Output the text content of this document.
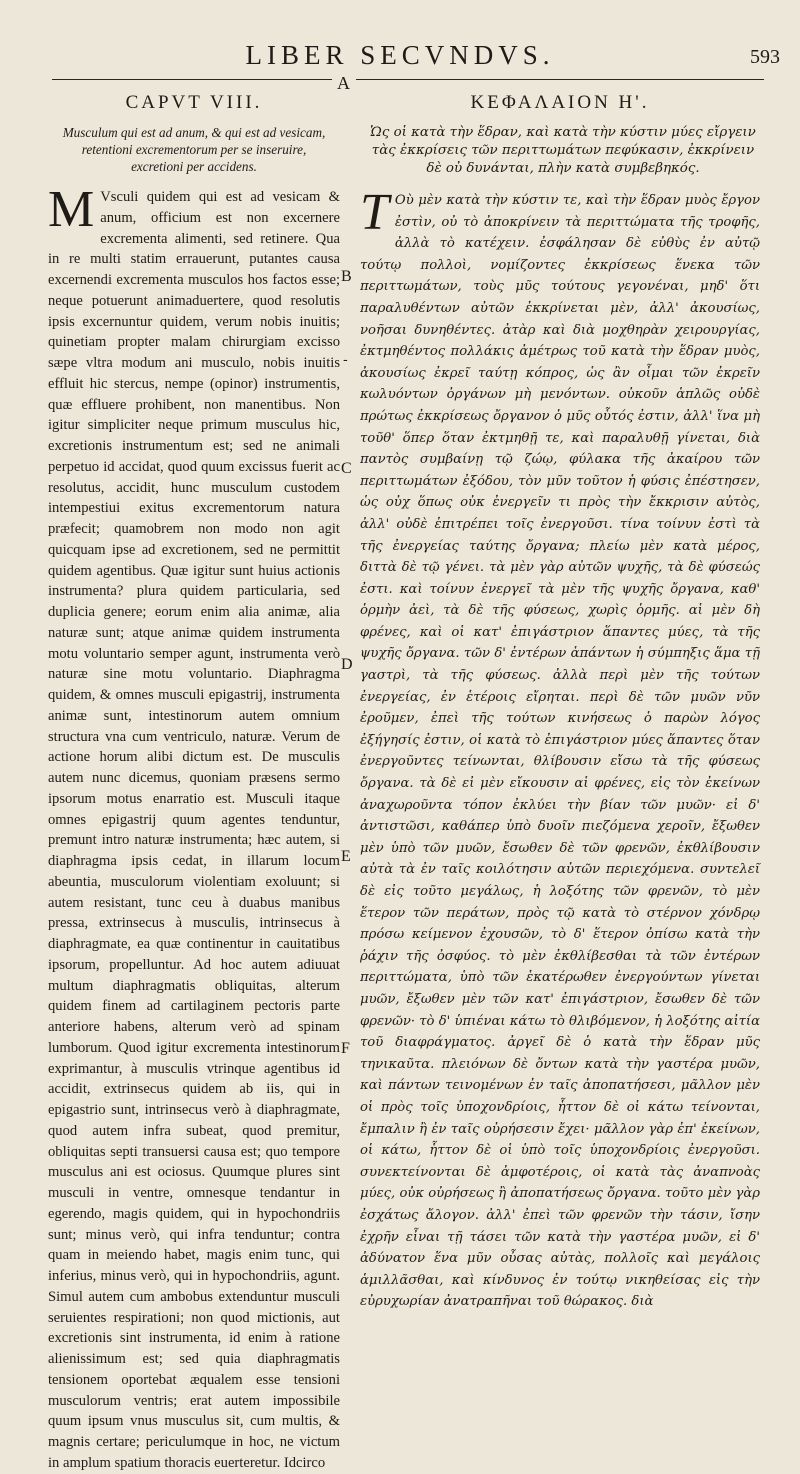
LIBER SECVNDVS.	593
A
CAPVT VIII.
Musculum qui est ad anum, & qui est ad vesicam, retentioni excrementorum per se inseruire, excretioni per accidens.

M Vsculi quidem qui est ad vesicam & anum, officium est non excernere excrementa alimenti, sed retinere. Qua in re multi statim errauerunt, putantes causa excernendi excrementa musculos hos factos esse; neque potuerunt animaduertere, quod resolutis ipsis excernuntur quidem, verum nobis inuitis; quinetiam propter malam chirurgiam excisso sæpe vltra modum ani musculo, nobis inuitis effluit hic stercus, nempe (opinor) instrumentis, quæ effluere prohibent, non manentibus. Non igitur simpliciter neque primum musculus hic, excretionis instrumentum est; sed ne animali perpetuo id accidat, quod quum excissus fuerit ac resolutus, accidit, hunc musculum custodem intempestiui exitus excrementorum natura præfecit; quamobrem non modo non agit quicquam ipse ad excretionem, sed ne permittit quidem agentibus. Quæ igitur sunt huius actionis instrumenta? plura quidem particularia, sed duplicia genere; eorum enim alia animæ, alia naturæ sunt; atque animæ quidem instrumenta motu voluntario semper agunt, instrumenta verò naturæ sine motu voluntario. Diaphragma quidem, & omnes musculi epigastrij, instrumenta animæ sunt, intestinorum autem omnium structura vna cum ventriculo, naturæ. Verum de actione horum alibi dictum est. De musculis autem nunc dicemus, quoniam præsens sermo ipsorum motus enarratio est. Musculi itaque omnes epigastrij quum agentes tenduntur, premunt intro naturæ instrumenta; hæc autem, si diaphragma ipsis cedat, in illarum locum abeuntia, musculorum violentiam exoluunt; si autem resistant, tunc ceu à duabus manibus pressa, extrinsecus à musculis, intrinsecus à diaphragmate, ea quæ continentur in cauitatibus ipsorum, propelluntur. Ad hoc autem adiuuat multum diaphragmatis obliquitas, alterum quidem finem ad cartilaginem pectoris parte anteriore habens, alterum verò ad spinam lumborum. Quod igitur excrementa intestinorum exprimantur, à musculis vtrinque agentibus id accidit, extrinsecus quidem ab iis, qui in epigastrio sunt, intrinsecus verò à diaphragmate, quod autem infra subeat, quod premitur, obliquitas septi transuersi causa est; quo tempore musculus ani est ociosus. Quumque plures sint musculi in ventre, omnesque tendantur in egerendo, magis quidem, qui in hypochondriis sunt; minus verò, qui infra tenduntur; contra quam in meiendo habet, magis enim tunc, qui inferius, minus verò, qui in hypochondriis, agunt. Simul autem cum ambobus extenduntur musculi seruientes respirationi; non quod mictionis, aut excretionis sint instrumenta, id enim à ratione alienissimum est; sed quia diaphragmatis tensionem oportebat æqualem esse tensioni musculorum ventris; erat autem impossibile quum ipsum vnus musculus sit, cum multis, & magnis certare; periculumque in hoc, ne victum in amplum spatium thoracis euerteretur. Idcirco

B
-
C
D
E
F
ΚΕΦΑΛΑΙΟΝ Η'.
Ὡς οἱ κατὰ τὴν ἕδραν, καὶ κατὰ τὴν κύστιν μύες εἴργειν τὰς ἐκκρίσεις τῶν περιττωμάτων πεφύκασιν, ἐκκρίνειν δὲ οὐ δυνάνται, πλὴν κατὰ συμβεβηκός.

Τ Οὺ μὲν κατὰ τὴν κύστιν τε, καὶ τὴν ἕδραν μυὸς ἔργον ἐστὶν, οὐ τὸ ἀποκρίνειν τὰ περιττώματα τῆς τροφῆς, ἀλλὰ τὸ κατέχειν. ἐσφάλησαν δὲ εὐθὺς ἐν αὐτῷ τούτῳ πολλοὶ, νομίζοντες ἐκκρίσεως ἕνεκα τῶν περιττωμάτων, τοὺς μῦς τούτους γεγονέναι, μηδ' ὅτι παραλυθέντων αὐτῶν ἐκκρίνεται μὲν, ἀλλ' ἀκουσίως, νοῆσαι δυνηθέντες. ἀτὰρ καὶ διὰ μοχθηρὰν χειρουργίας, ἐκτμηθέντος πολλάκις ἀμέτρως τοῦ κατὰ τὴν ἕδραν μυὸς, ἀκουσίως ἐκρεῖ ταύτῃ κόπρος, ὡς ἂν οἶμαι τῶν ἐκρεῖν κωλυόντων ὀργάνων μὴ μενόντων. οὐκοῦν ἁπλῶς οὐδὲ πρώτως ἐκκρίσεως ὄργανον ὁ μῦς οὗτός ἐστιν, ἀλλ' ἵνα μὴ τοῦθ' ὅπερ ὅταν ἐκτμηθῇ τε, καὶ παραλυθῇ γίνεται, διὰ παντὸς συμβαίνῃ τῷ ζώῳ, φύλακα τῆς ἀκαίρου τῶν περιττωμάτων ἐξόδου, τὸν μῦν τοῦτον ἡ φύσις ἐπέστησεν, ὡς οὐχ ὅπως οὐκ ἐνεργεῖν τι πρὸς τὴν ἔκκρισιν αὐτὸς, ἀλλ' οὐδὲ ἐπιτρέπει τοῖς ἐνεργοῦσι. τίνα τοίνυν ἐστὶ τὰ τῆς ἐνεργείας ταύτης ὄργανα; πλείω μὲν κατὰ μέρος, διττὰ δὲ τῷ γένει. τὰ μὲν γὰρ αὐτῶν ψυχῆς, τὰ δὲ φύσεώς ἐστι. καὶ τοίνυν ἐνεργεῖ τὰ μὲν τῆς ψυχῆς ὄργανα, καθ' ὁρμὴν ἀεὶ, τὰ δὲ τῆς φύσεως, χωρὶς ὁρμῆς. αἱ μὲν δὴ φρένες, καὶ οἱ κατ' ἐπιγάστριον ἅπαντες μύες, τὰ τῆς ψυχῆς ὄργανα. τῶν δ' ἐντέρων ἁπάντων ἡ σύμπηξις ἅμα τῇ γαστρὶ, τὰ τῆς φύσεως. ἀλλὰ περὶ μὲν τῆς τούτων ἐνεργείας, ἐν ἑτέροις εἴρηται. περὶ δὲ τῶν μυῶν νῦν ἐροῦμεν, ἐπεὶ τῆς τούτων κινήσεως ὁ παρὼν λόγος ἐξήγησίς ἐστιν, οἱ κατὰ τὸ ἐπιγάστριον μύες ἅπαντες ὅταν ἐνεργοῦντες τείνωνται, θλίβουσιν εἴσω τὰ τῆς φύσεως ὄργανα. τὰ δὲ εἰ μὲν εἴκουσιν αἱ φρένες, εἰς τὸν ἐκείνων ἀναχωροῦντα τόπον ἐκλύει τὴν βίαν τῶν μυῶν· εἰ δ' ἀντιστῶσι, καθάπερ ὑπὸ δυοῖν πιεζόμενα χεροῖν, ἔξωθεν μὲν ὑπὸ τῶν μυῶν, ἔσωθεν δὲ τῶν φρενῶν, ἐκθλίβουσιν αὐτὰ τὰ ἐν ταῖς κοιλότησιν αὐτῶν περιεχόμενα. συντελεῖ δὲ εἰς τοῦτο μεγάλως, ἡ λοξότης τῶν φρενῶν, τὸ μὲν ἕτερον τῶν περάτων, πρὸς τῷ κατὰ τὸ στέρνον χόνδρῳ πρόσω κείμενον ἐχουσῶν, τὸ δ' ἕτερον ὀπίσω κατὰ τὴν ῥάχιν τῆς ὀσφύος. τὸ μὲν ἐκθλίβεσθαι τὰ τῶν ἐντέρων περιττώματα, ὑπὸ τῶν ἑκατέρωθεν ἐνεργούντων γίνεται μυῶν, ἔξωθεν μὲν τῶν κατ' ἐπιγάστριον, ἔσωθεν δὲ τῶν φρενῶν· τὸ δ' ὑπιέναι κάτω τὸ θλιβόμενον, ἡ λοξότης αἰτία τοῦ διαφράγματος. ἀργεῖ δὲ ὁ κατὰ τὴν ἕδραν μῦς τηνικαῦτα. πλειόνων δὲ ὄντων κατὰ τὴν γαστέρα μυῶν, καὶ πάντων τεινομένων ἐν ταῖς ἀποπατήσεσι, μᾶλλον μὲν οἱ πρὸς τοῖς ὑποχονδρίοις, ἧττον δὲ οἱ κάτω τείνονται, ἔμπαλιν ἢ ἐν ταῖς οὐρήσεσιν ἔχει· μᾶλλον γὰρ ἐπ' ἐκείνων, οἱ κάτω, ἧττον δὲ οἱ ὑπὸ τοῖς ὑποχονδρίοις ἐνεργοῦσι. συνεκτείνονται δὲ ἀμφοτέροις, οἱ κατὰ τὰς ἀναπνοὰς μύες, οὐκ οὐρήσεως ἢ ἀποπατήσεως ὄργανα. τοῦτο μὲν γὰρ ἐσχάτως ἄλογον. ἀλλ' ἐπεὶ τῶν φρενῶν τὴν τάσιν, ἴσην ἐχρῆν εἶναι τῇ τάσει τῶν κατὰ τὴν γαστέρα μυῶν, εἰ δ' ἀδύνατον ἕνα μῦν οὖσας αὐτὰς, πολλοῖς καὶ μεγάλοις ἁμιλλᾶσθαι, καὶ κίνδυνος ἐν τούτῳ νικηθείσας εἰς τὴν εὐρυχωρίαν ἀνατραπῆναι τοῦ θώρακος. διὰ
